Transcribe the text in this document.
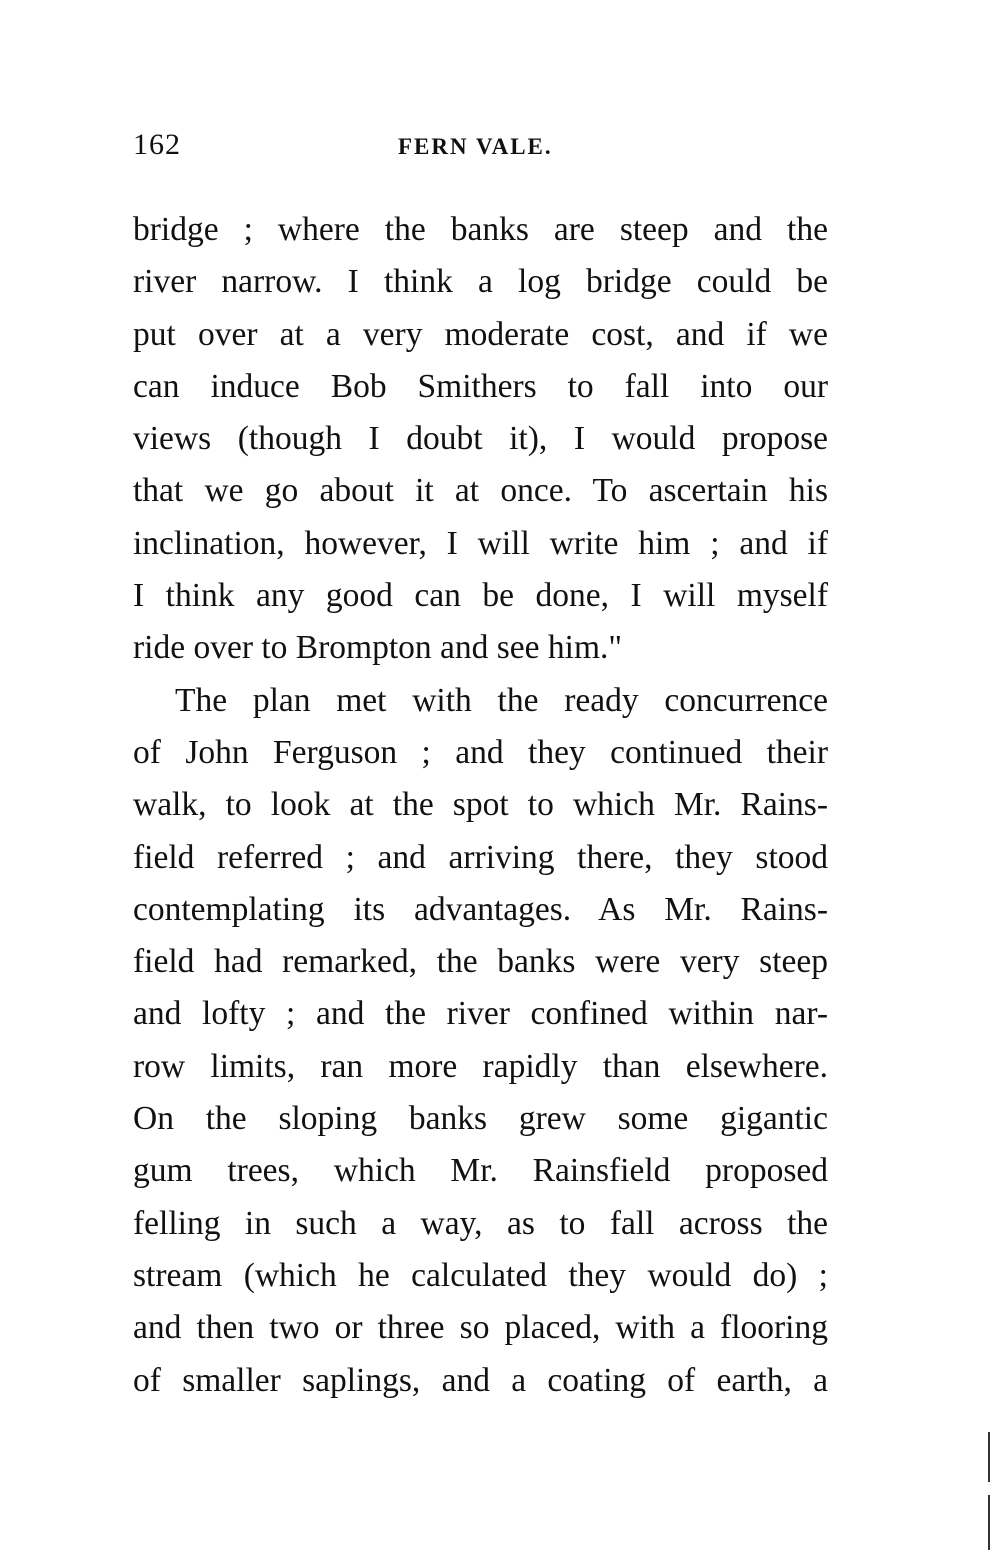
162	FERN VALE.
bridge ; where the banks are steep and the
river narrow. I think a log bridge could be
put over at a very moderate cost, and if we
can induce Bob Smithers to fall into our
views (though I doubt it), I would propose
that we go about it at once. To ascertain his
inclination, however, I will write him ; and if
I think any good can be done, I will myself
ride over to Brompton and see him."
The plan met with the ready concurrence
of John Ferguson ; and they continued their
walk, to look at the spot to which Mr. Rains-
field referred ; and arriving there, they stood
contemplating its advantages. As Mr. Rains-
field had remarked, the banks were very steep
and lofty ; and the river confined within nar-
row limits, ran more rapidly than elsewhere.
On the sloping banks grew some gigantic
gum trees, which Mr. Rainsfield proposed
felling in such a way, as to fall across the
stream (which he calculated they would do) ;
and then two or three so placed, with a flooring
of smaller saplings, and a coating of earth, a
